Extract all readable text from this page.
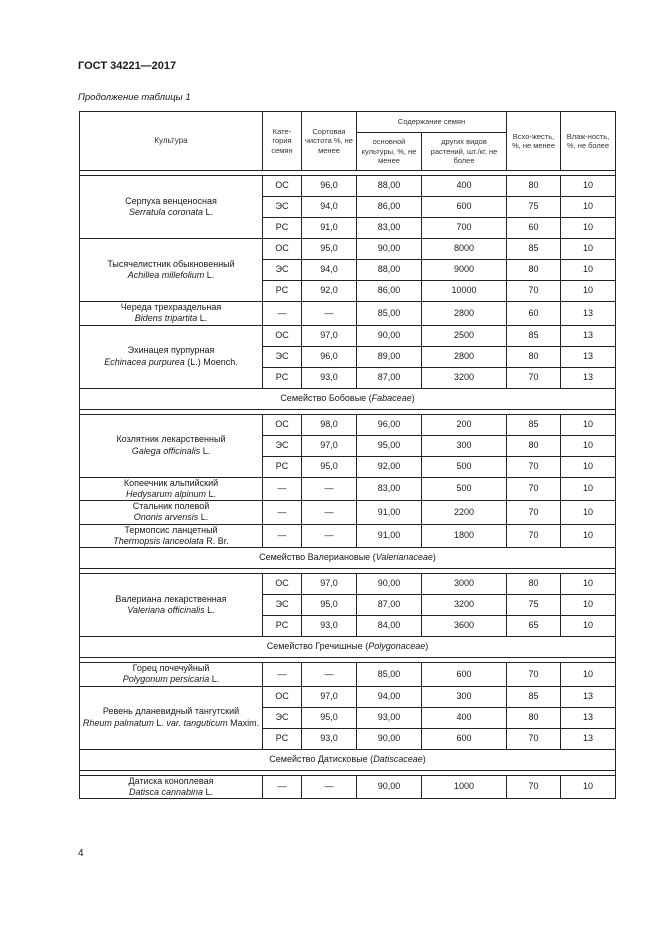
ГОСТ 34221—2017
Продолжение таблицы 1
Культура	Кате-гория семян	Сортовая чистота %, не менее	Содержание семян		Всхо-жесть, %, не менее	Влаж-ность, %, не более
			основной культуры, %, не менее	других видов растений, шт./кг, не более		

Серпуха венценосная
Serratula coronata L.	ОС	96,0	88,00	400	80	10
	ЭС	94,0	86,00	600	75	10
	РС	91,0	83,00	700	60	10
Тысячелистник обыкновенный
Achillea millefolium L.	ОС	95,0	90,00	8000	85	10
	ЭС	94,0	88,00	9000	80	10
	РС	92,0	86,00	10000	70	10
Череда трехраздельная
Bidens tripartita L.	—	—	85,00	2800	60	13
Эхинацея пурпурная
Echinacea purpurea (L.) Moench.	ОС	97,0	90,00	2500	85	13
	ЭС	96,0	89,00	2800	80	13
	РС	93,0	87,00	3200	70	13
Семейство Бобовые (Fabaceae)						

Козлятник лекарственный
Galega officinalis L.	ОС	98,0	96,00	200	85	10
	ЭС	97,0	95,00	300	80	10
	РС	95,0	92,00	500	70	10
Копеечник альпийский
Hedysarum alpinum L.	—	—	83,00	500	70	10
Стальник полевой
Ononis arvensis L.	—	—	91,00	2200	70	10
Термопсис ланцетный
Thermopsis lanceolata R. Br.	—	—	91,00	1800	70	10
Семейство Валериановые (Valerianaceae)						

Валериана лекарственная
Valeriana officinalis L.	ОС	97,0	90,00	3000	80	10
	ЭС	95,0	87,00	3200	75	10
	РС	93,0	84,00	3600	65	10
Семейство Гречишные (Polygonaceae)						

Горец почечуйный
Polygonum persicaria L.	—	—	85,00	600	70	10
Ревень дланевидный тангутский
Rheum palmatum L. var. tanguticum Maxim.	ОС	97,0	94,00	300	85	13
	ЭС	95,0	93,00	400	80	13
	РС	93,0	90,00	600	70	13
Семейство Датисковые (Datiscaceae)						

Датиска коноплевая
Datisca cannabina L.	—	—	90,00	1000	70	10
4
